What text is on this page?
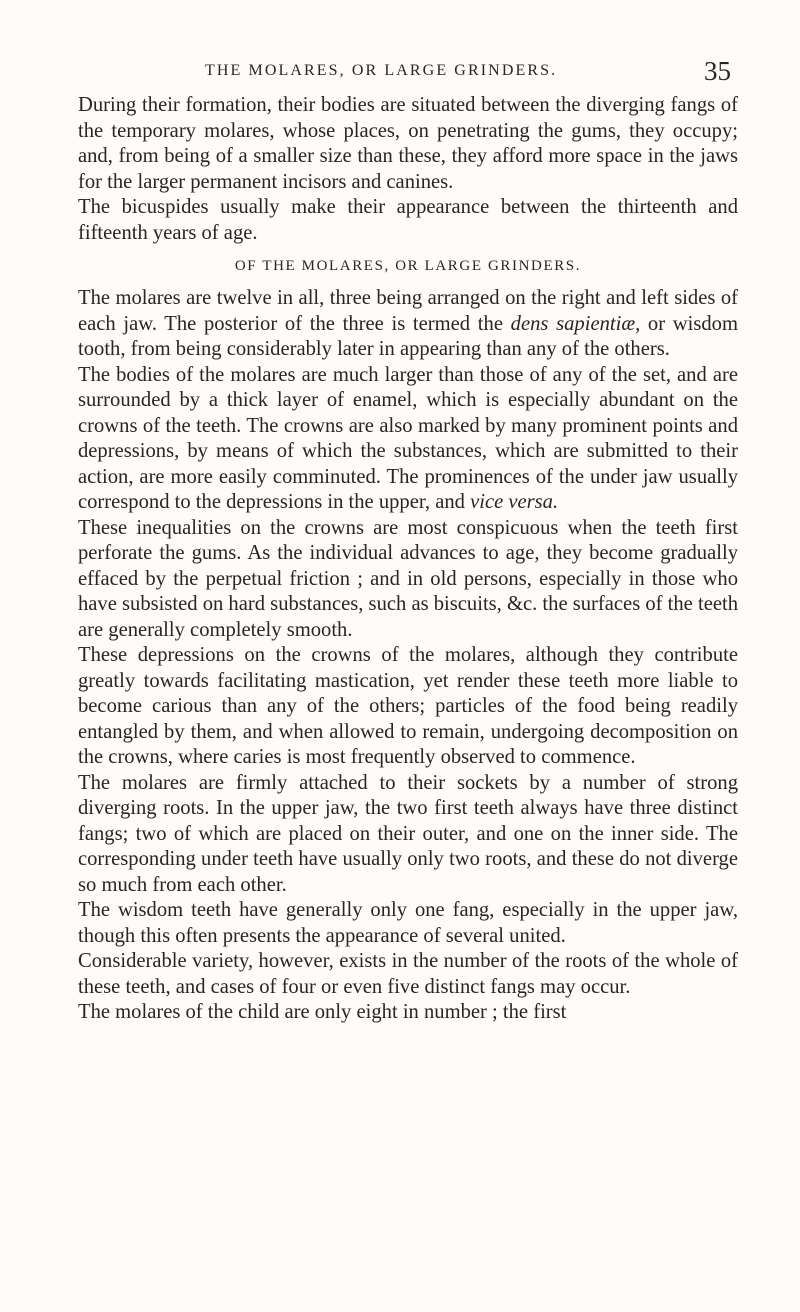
THE MOLARES, OR LARGE GRINDERS.	35

During their formation, their bodies are situated between the diverging fangs of the temporary molares, whose places, on penetrating the gums, they occupy; and, from being of a smaller size than these, they afford more space in the jaws for the larger permanent incisors and canines.

The bicuspides usually make their appearance between the thirteenth and fifteenth years of age.

OF THE MOLARES, OR LARGE GRINDERS.

The molares are twelve in all, three being arranged on the right and left sides of each jaw. The posterior of the three is termed the dens sapientiæ, or wisdom tooth, from being considerably later in appearing than any of the others.

The bodies of the molares are much larger than those of any of the set, and are surrounded by a thick layer of enamel, which is especially abundant on the crowns of the teeth. The crowns are also marked by many prominent points and depressions, by means of which the substances, which are submitted to their action, are more easily comminuted. The prominences of the under jaw usually correspond to the depressions in the upper, and vice versa.

These inequalities on the crowns are most conspicuous when the teeth first perforate the gums. As the individual advances to age, they become gradually effaced by the perpetual friction ; and in old persons, especially in those who have subsisted on hard substances, such as biscuits, &c. the surfaces of the teeth are generally completely smooth.

These depressions on the crowns of the molares, although they contribute greatly towards facilitating mastication, yet render these teeth more liable to become carious than any of the others; particles of the food being readily entangled by them, and when allowed to remain, undergoing decomposition on the crowns, where caries is most frequently observed to commence.

The molares are firmly attached to their sockets by a number of strong diverging roots. In the upper jaw, the two first teeth always have three distinct fangs; two of which are placed on their outer, and one on the inner side. The corresponding under teeth have usually only two roots, and these do not diverge so much from each other.

The wisdom teeth have generally only one fang, especially in the upper jaw, though this often presents the appearance of several united.

Considerable variety, however, exists in the number of the roots of the whole of these teeth, and cases of four or even five distinct fangs may occur.

The molares of the child are only eight in number ; the first
